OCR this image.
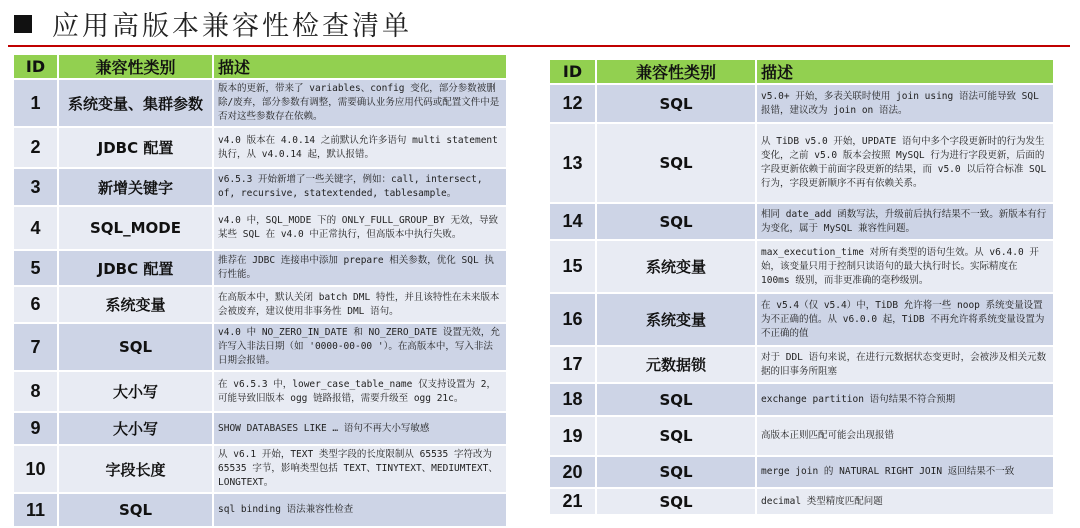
应用高版本兼容性检查清单
ID	兼容性类别	描述
1	系统变量、集群参数	版本的更新，带来了 variables、config 变化，部分参数被删除/废弃，部分参数有调整，需要确认业务应用代码或配置文件中是否对这些参数存在依赖。
2	JDBC 配置	v4.0 版本在 4.0.14 之前默认允许多语句 multi statement 执行，从 v4.0.14 起，默认报错。
3	新增关键字	v6.5.3 开始新增了一些关键字，例如：call, intersect, of, recursive, statextended, tablesample。
4	SQL_MODE	v4.0 中，SQL_MODE 下的 ONLY_FULL_GROUP_BY 无效，导致某些 SQL 在 v4.0 中正常执行，但高版本中执行失败。
5	JDBC 配置	推荐在 JDBC 连接串中添加 prepare 相关参数，优化 SQL 执行性能。
6	系统变量	在高版本中，默认关闭 batch DML 特性，并且该特性在未来版本会被废弃，建议使用非事务性 DML 语句。
7	SQL	v4.0 中 NO_ZERO_IN_DATE 和 NO_ZERO_DATE 设置无效，允许写入非法日期（如 '0000-00-00 '）。在高版本中，写入非法日期会报错。
8	大小写	在 v6.5.3 中，lower_case_table_name 仅支持设置为 2，可能导致旧版本 ogg 链路报错，需要升级至 ogg 21c。
9	大小写	SHOW DATABASES LIKE … 语句不再大小写敏感
10	字段长度	从 v6.1 开始，TEXT 类型字段的长度限制从 65535 字符改为 65535 字节，影响类型包括 TEXT、TINYTEXT、MEDIUMTEXT、LONGTEXT。
11	SQL	sql binding 语法兼容性检查
ID	兼容性类别	描述
12	SQL	v5.0+ 开始，多表关联时使用 join using 语法可能导致 SQL 报错，建议改为 join on 语法。
13	SQL	从 TiDB v5.0 开始，UPDATE 语句中多个字段更新时的行为发生变化，之前 v5.0 版本会按照 MySQL 行为进行字段更新，后面的字段更新依赖于前面字段更新的结果，而 v5.0 以后符合标准 SQL 行为，字段更新顺序不再有依赖关系。
14	SQL	相同 date_add 函数写法，升级前后执行结果不一致。新版本有行为变化，属于 MySQL 兼容性问题。
15	系统变量	max_execution_time 对所有类型的语句生效。从 v6.4.0 开始，该变量只用于控制只读语句的最大执行时长。实际精度在 100ms 级别，而非更准确的毫秒级别。
16	系统变量	在 v5.4（仅 v5.4）中，TiDB 允许将一些 noop 系统变量设置为不正确的值。从 v6.0.0 起，TiDB 不再允许将系统变量设置为不正确的值
17	元数据锁	对于 DDL 语句来说，在进行元数据状态变更时，会被涉及相关元数据的旧事务所阻塞
18	SQL	exchange partition 语句结果不符合预期
19	SQL	高版本正则匹配可能会出现报错
20	SQL	merge join 的 NATURAL RIGHT JOIN 返回结果不一致
21	SQL	decimal 类型精度匹配问题
